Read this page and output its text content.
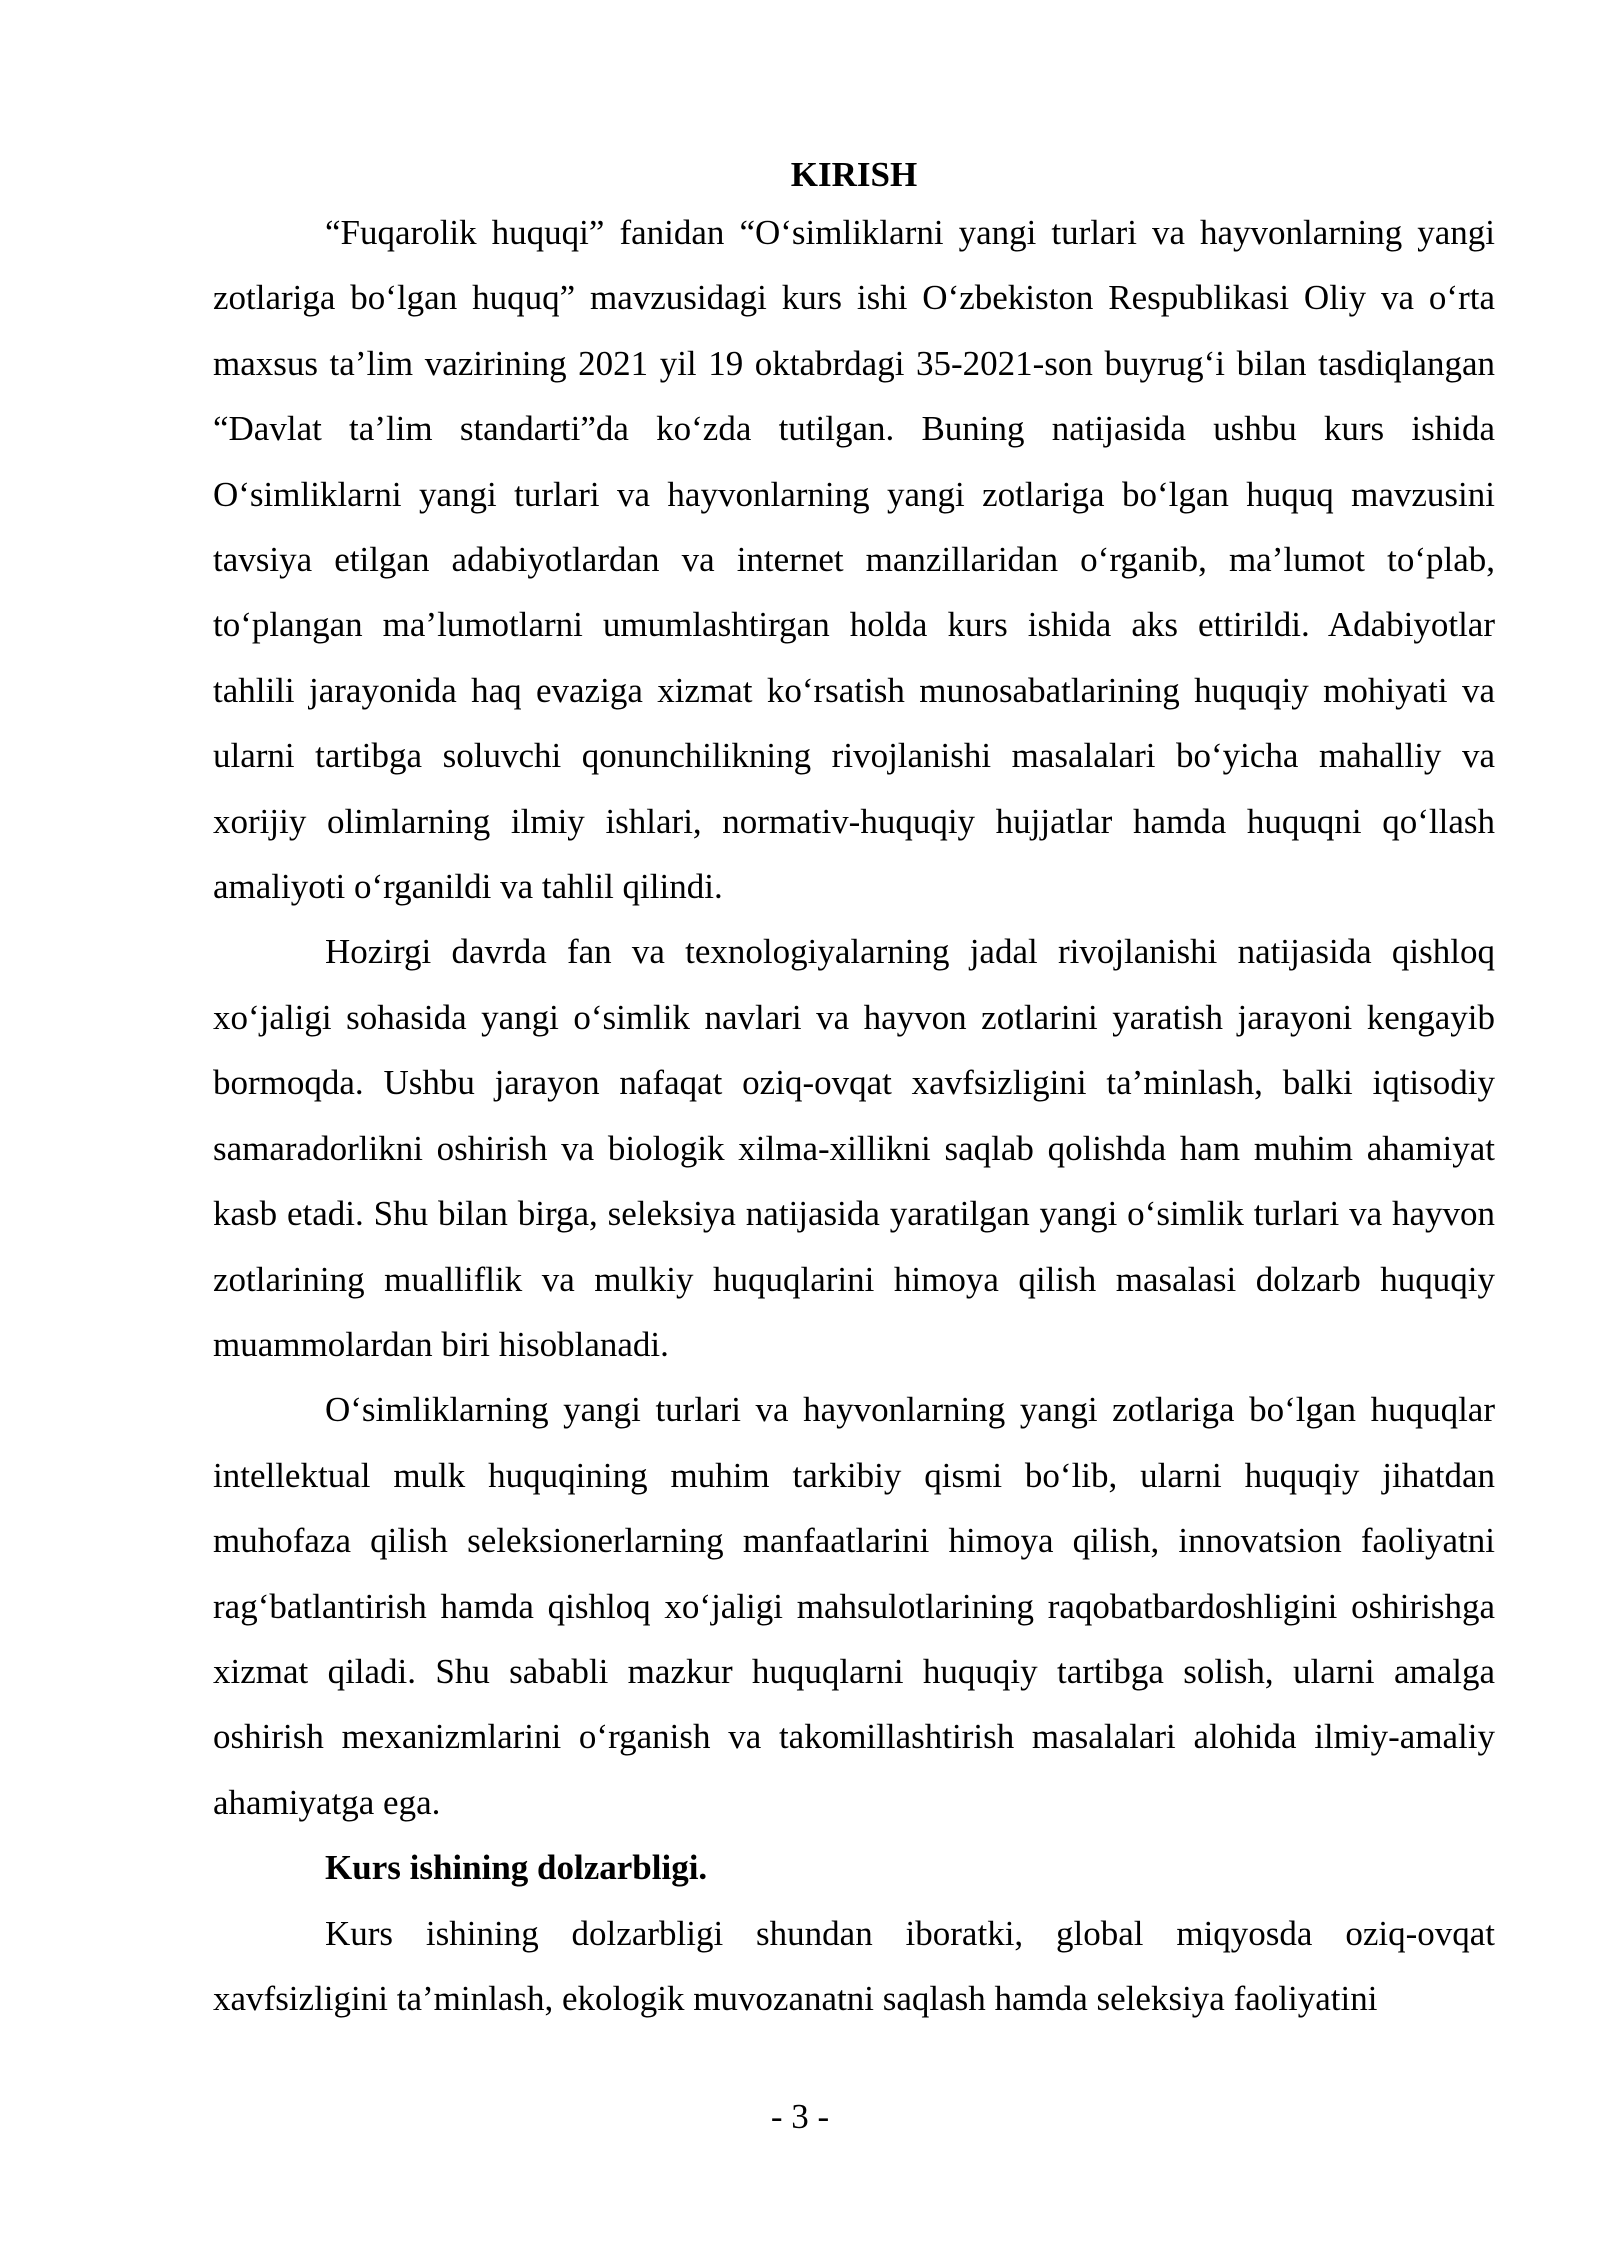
KIRISH

“Fuqarolik huquqi” fanidan “O‘simliklarni yangi turlari va hayvonlarning yangi zotlariga bo‘lgan huquq” mavzusidagi kurs ishi O‘zbekiston Respublikasi Oliy va o‘rta maxsus ta’lim vazirining 2021 yil 19 oktabrdagi 35-2021-son buyrug‘i bilan tasdiqlangan “Davlat ta’lim standarti”da ko‘zda tutilgan. Buning natijasida ushbu kurs ishida O‘simliklarni yangi turlari va hayvonlarning yangi zotlariga bo‘lgan huquq mavzusini tavsiya etilgan adabiyotlardan va internet manzillaridan o‘rganib, ma’lumot to‘plab, to‘plangan ma’lumotlarni umumlashtirgan holda kurs ishida aks ettirildi. Adabiyotlar tahlili jarayonida haq evaziga xizmat ko‘rsatish munosabatlarining huquqiy mohiyati va ularni tartibga soluvchi qonunchilikning rivojlanishi masalalari bo‘yicha mahalliy va xorijiy olimlarning ilmiy ishlari, normativ-huquqiy hujjatlar hamda huquqni qo‘llash amaliyoti o‘rganildi va tahlil qilindi.

Hozirgi davrda fan va texnologiyalarning jadal rivojlanishi natijasida qishloq xo‘jaligi sohasida yangi o‘simlik navlari va hayvon zotlarini yaratish jarayoni kengayib bormoqda. Ushbu jarayon nafaqat oziq-ovqat xavfsizligini ta’minlash, balki iqtisodiy samaradorlikni oshirish va biologik xilma-xillikni saqlab qolishda ham muhim ahamiyat kasb etadi. Shu bilan birga, seleksiya natijasida yaratilgan yangi o‘simlik turlari va hayvon zotlarining mualliflik va mulkiy huquqlarini himoya qilish masalasi dolzarb huquqiy muammolardan biri hisoblanadi.

O‘simliklarning yangi turlari va hayvonlarning yangi zotlariga bo‘lgan huquqlar intellektual mulk huquqining muhim tarkibiy qismi bo‘lib, ularni huquqiy jihatdan muhofaza qilish seleksionerlarning manfaatlarini himoya qilish, innovatsion faoliyatni rag‘batlantirish hamda qishloq xo‘jaligi mahsulotlarining raqobatbardoshligini oshirishga xizmat qiladi. Shu sababli mazkur huquqlarni huquqiy tartibga solish, ularni amalga oshirish mexanizmlarini o‘rganish va takomillashtirish masalalari alohida ilmiy-amaliy ahamiyatga ega.

Kurs ishining dolzarbligi.

Kurs ishining dolzarbligi shundan iboratki, global miqyosda oziq-ovqat xavfsizligini ta’minlash, ekologik muvozanatni saqlash hamda seleksiya faoliyatini

- 3 -
